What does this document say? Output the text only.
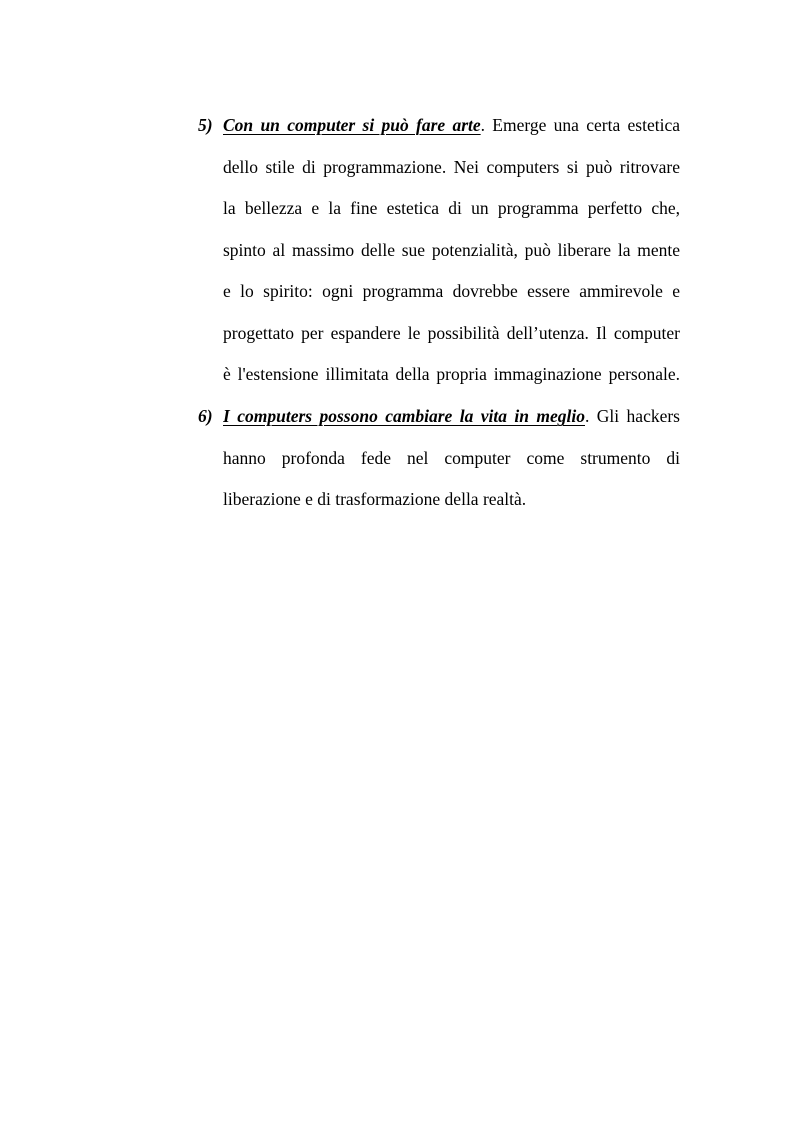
5) Con un computer si può fare arte. Emerge una certa estetica
dello stile di programmazione. Nei computers si può ritrovare
la bellezza e la fine estetica di un programma perfetto che,
spinto al massimo delle sue potenzialità, può liberare la mente
e lo spirito: ogni programma dovrebbe essere ammirevole e
progettato per espandere le possibilità dell’utenza. Il computer
è l'estensione illimitata della propria immaginazione personale.
6) I computers possono cambiare la vita in meglio. Gli hackers
hanno profonda fede nel computer come strumento di
liberazione e di trasformazione della realtà.
